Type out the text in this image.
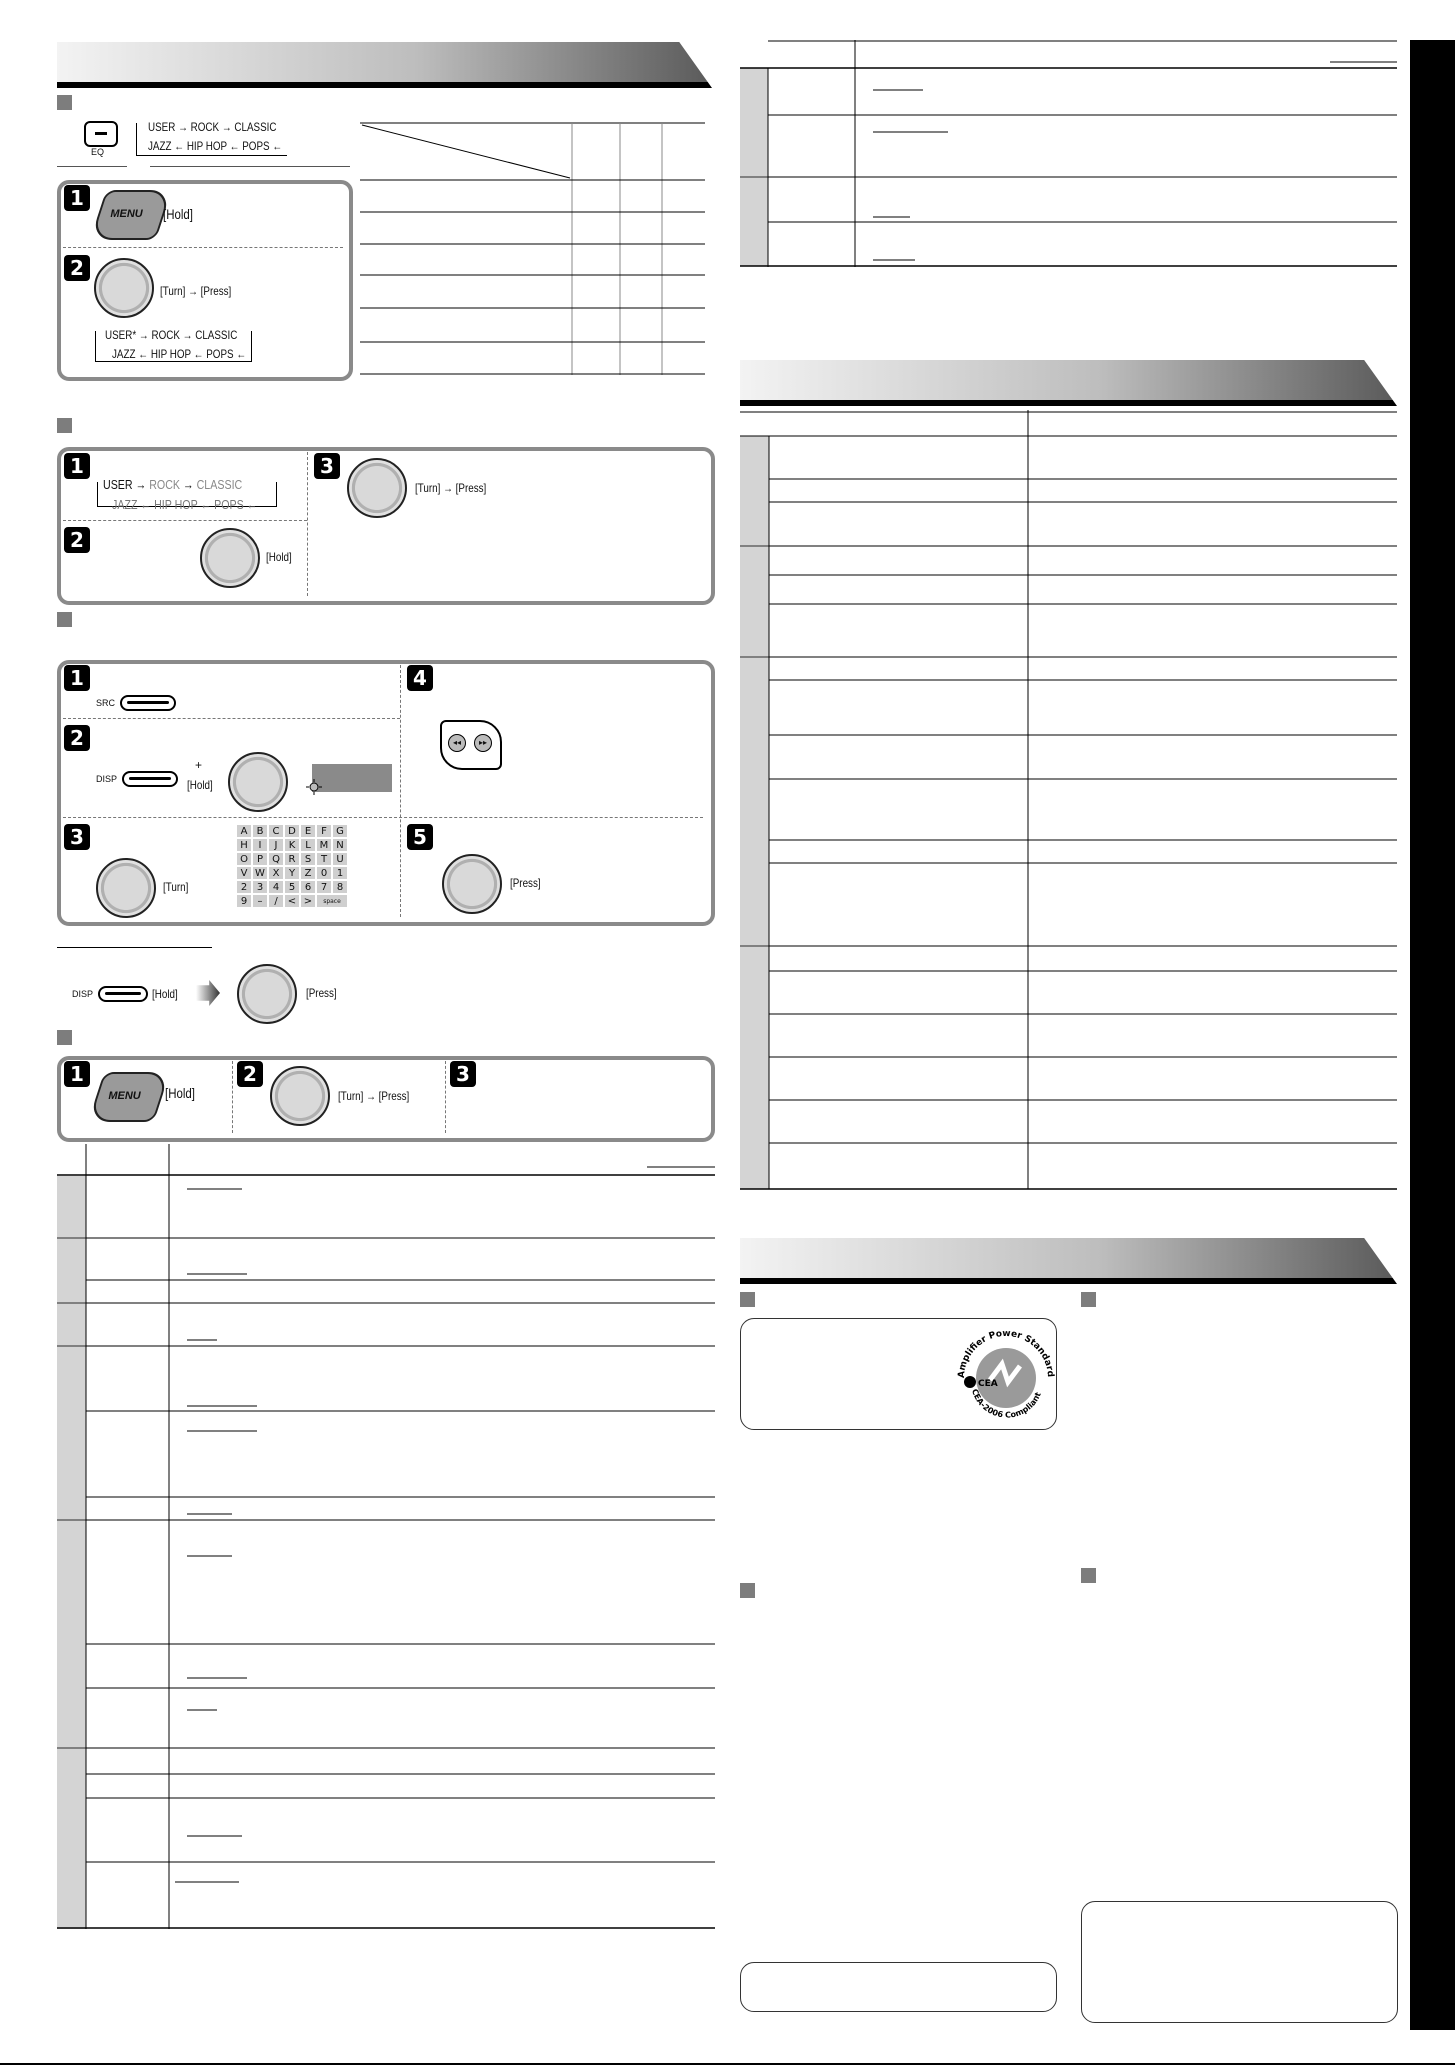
EQ
USER → ROCK → CLASSIC
JAZZ ← HIP HOP ← POPS ←
1
MENU [Hold]
2
[Turn] → [Press]
USER* → ROCK → CLASSIC
JAZZ ← HIP HOP ← POPS ←
1
USER → ROCK → CLASSIC
JAZZ ← HIP HOP ← POPS ←
2
[Hold]
3
[Turn] → [Press]
1
SRC
2
DISP
+
[Hold]
3
[Turn]
A B C D E F G
H	I	J	K L M N
O P Q R S T U
V W X Y Z 0 1
2 3 4 5 6 7 8
9	–	/	< >	space
4
◂◂	▸▸
5
[Press]
DISP	[Hold]	[Press]
1
MENU [Hold]
2
[Turn] → [Press]
3
Amplifier Power Standard
CEA
CEA-2006 Compliant
